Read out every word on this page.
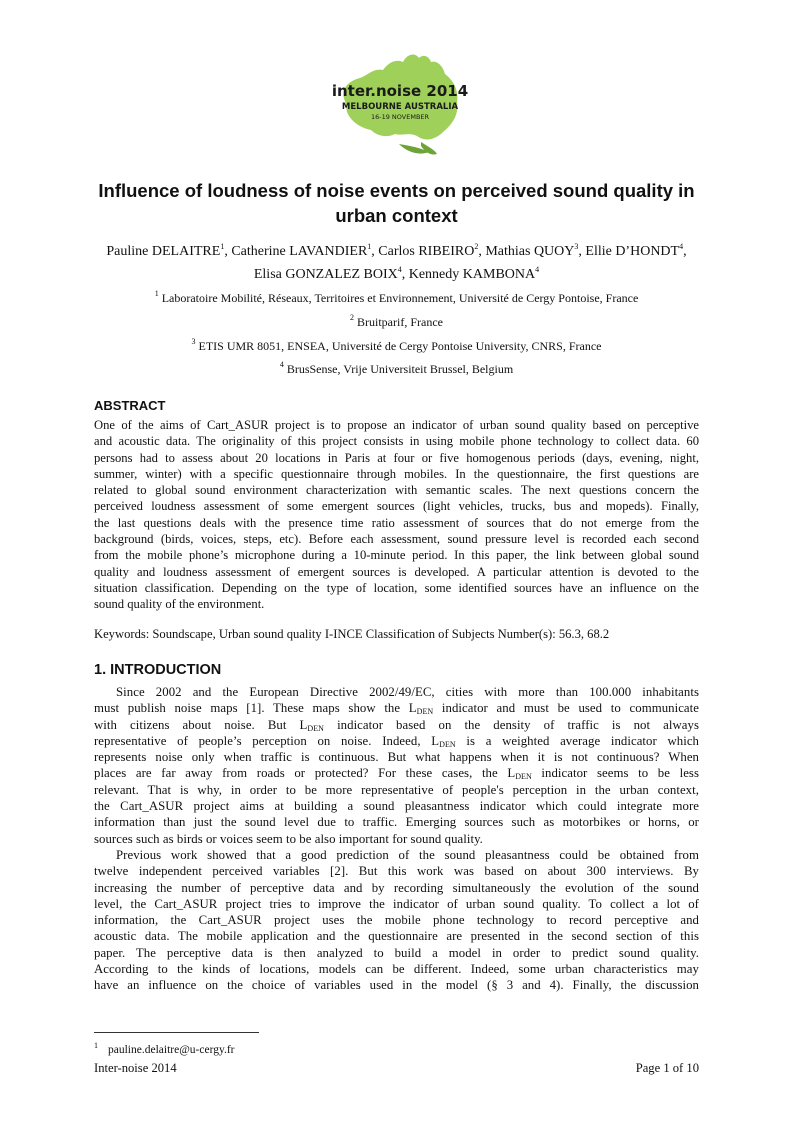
inter.noise 2014
MELBOURNE AUSTRALIA
16-19 NOVEMBER
Influence of loudness of noise events on perceived sound quality in
urban context

Pauline DELAITRE$^1$, Catherine LAVANDIER$^1$, Carlos RIBEIRO$^2$, Mathias QUOY$^3$, Ellie D’HONDT$^4$,
Elisa GONZALEZ BOIX$^4$, Kennedy KAMBONA$^4$

$^1$ Laboratoire Mobilité, Réseaux, Territoires et Environnement, Université de Cergy Pontoise, France

$^2$ Bruitparif, France

$^3$ ETIS UMR 8051, ENSEA, Université de Cergy Pontoise University, CNRS, France

$^4$ BrusSense, Vrije Universiteit Brussel, Belgium

ABSTRACT

One of the aims of Cart_ASUR project is to propose an indicator of urban sound quality based on perceptive
and acoustic data. The originality of this project consists in using mobile phone technology to collect data. 60
persons had to assess about 20 locations in Paris at four or five homogenous periods (days, evening, night,
summer, winter) with a specific questionnaire through mobiles. In the questionnaire, the first questions are
related to global sound environment characterization with semantic scales. The next questions concern the
perceived loudness assessment of some emergent sources (light vehicles, trucks, bus and mopeds). Finally,
the last questions deals with the presence time ratio assessment of sources that do not emerge from the
background (birds, voices, steps, etc). Before each assessment, sound pressure level is recorded each second
from the mobile phone’s microphone during a 10-minute period. In this paper, the link between global sound
quality and loudness assessment of emergent sources is developed. A particular attention is devoted to the
situation classification. Depending on the type of location, some identified sources have an influence on the
sound quality of the environment.

Keywords: Soundscape, Urban sound quality I-INCE Classification of Subjects Number(s): 56.3, 68.2

1. INTRODUCTION

Since 2002 and the European Directive 2002/49/EC, cities with more than 100.000 inhabitants
must publish noise maps [1]. These maps show the $L_{DEN}$ indicator and must be used to communicate
with citizens about noise. But $L_{DEN}$ indicator based on the density of traffic is not always
representative of people’s perception on noise. Indeed, $L_{DEN}$ is a weighted average indicator which
represents noise only when traffic is continuous. But what happens when it is not continuous? When
places are far away from roads or protected? For these cases, the $L_{DEN}$ indicator seems to be less
relevant. That is why, in order to be more representative of people's perception in the urban context,
the Cart_ASUR project aims at building a sound pleasantness indicator which could integrate more
information than just the sound level due to traffic. Emerging sources such as motorbikes or horns, or
sources such as birds or voices seem to be also important for sound quality.
Previous work showed that a good prediction of the sound pleasantness could be obtained from
twelve independent perceived variables [2]. But this work was based on about 300 interviews. By
increasing the number of perceptive data and by recording simultaneously the evolution of the sound
level, the Cart_ASUR project tries to improve the indicator of urban sound quality. To collect a lot of
information, the Cart_ASUR project uses the mobile phone technology to record perceptive and
acoustic data. The mobile application and the questionnaire are presented in the second section of this
paper. The perceptive data is then analyzed to build a model in order to predict sound quality.
According to the kinds of locations, models can be different. Indeed, some urban characteristics may
have an influence on the choice of variables used in the model (§ 3 and 4). Finally, the discussion

$^1$ pauline.delaitre@u-cergy.fr

Inter-noise 2014	Page 1 of 10
